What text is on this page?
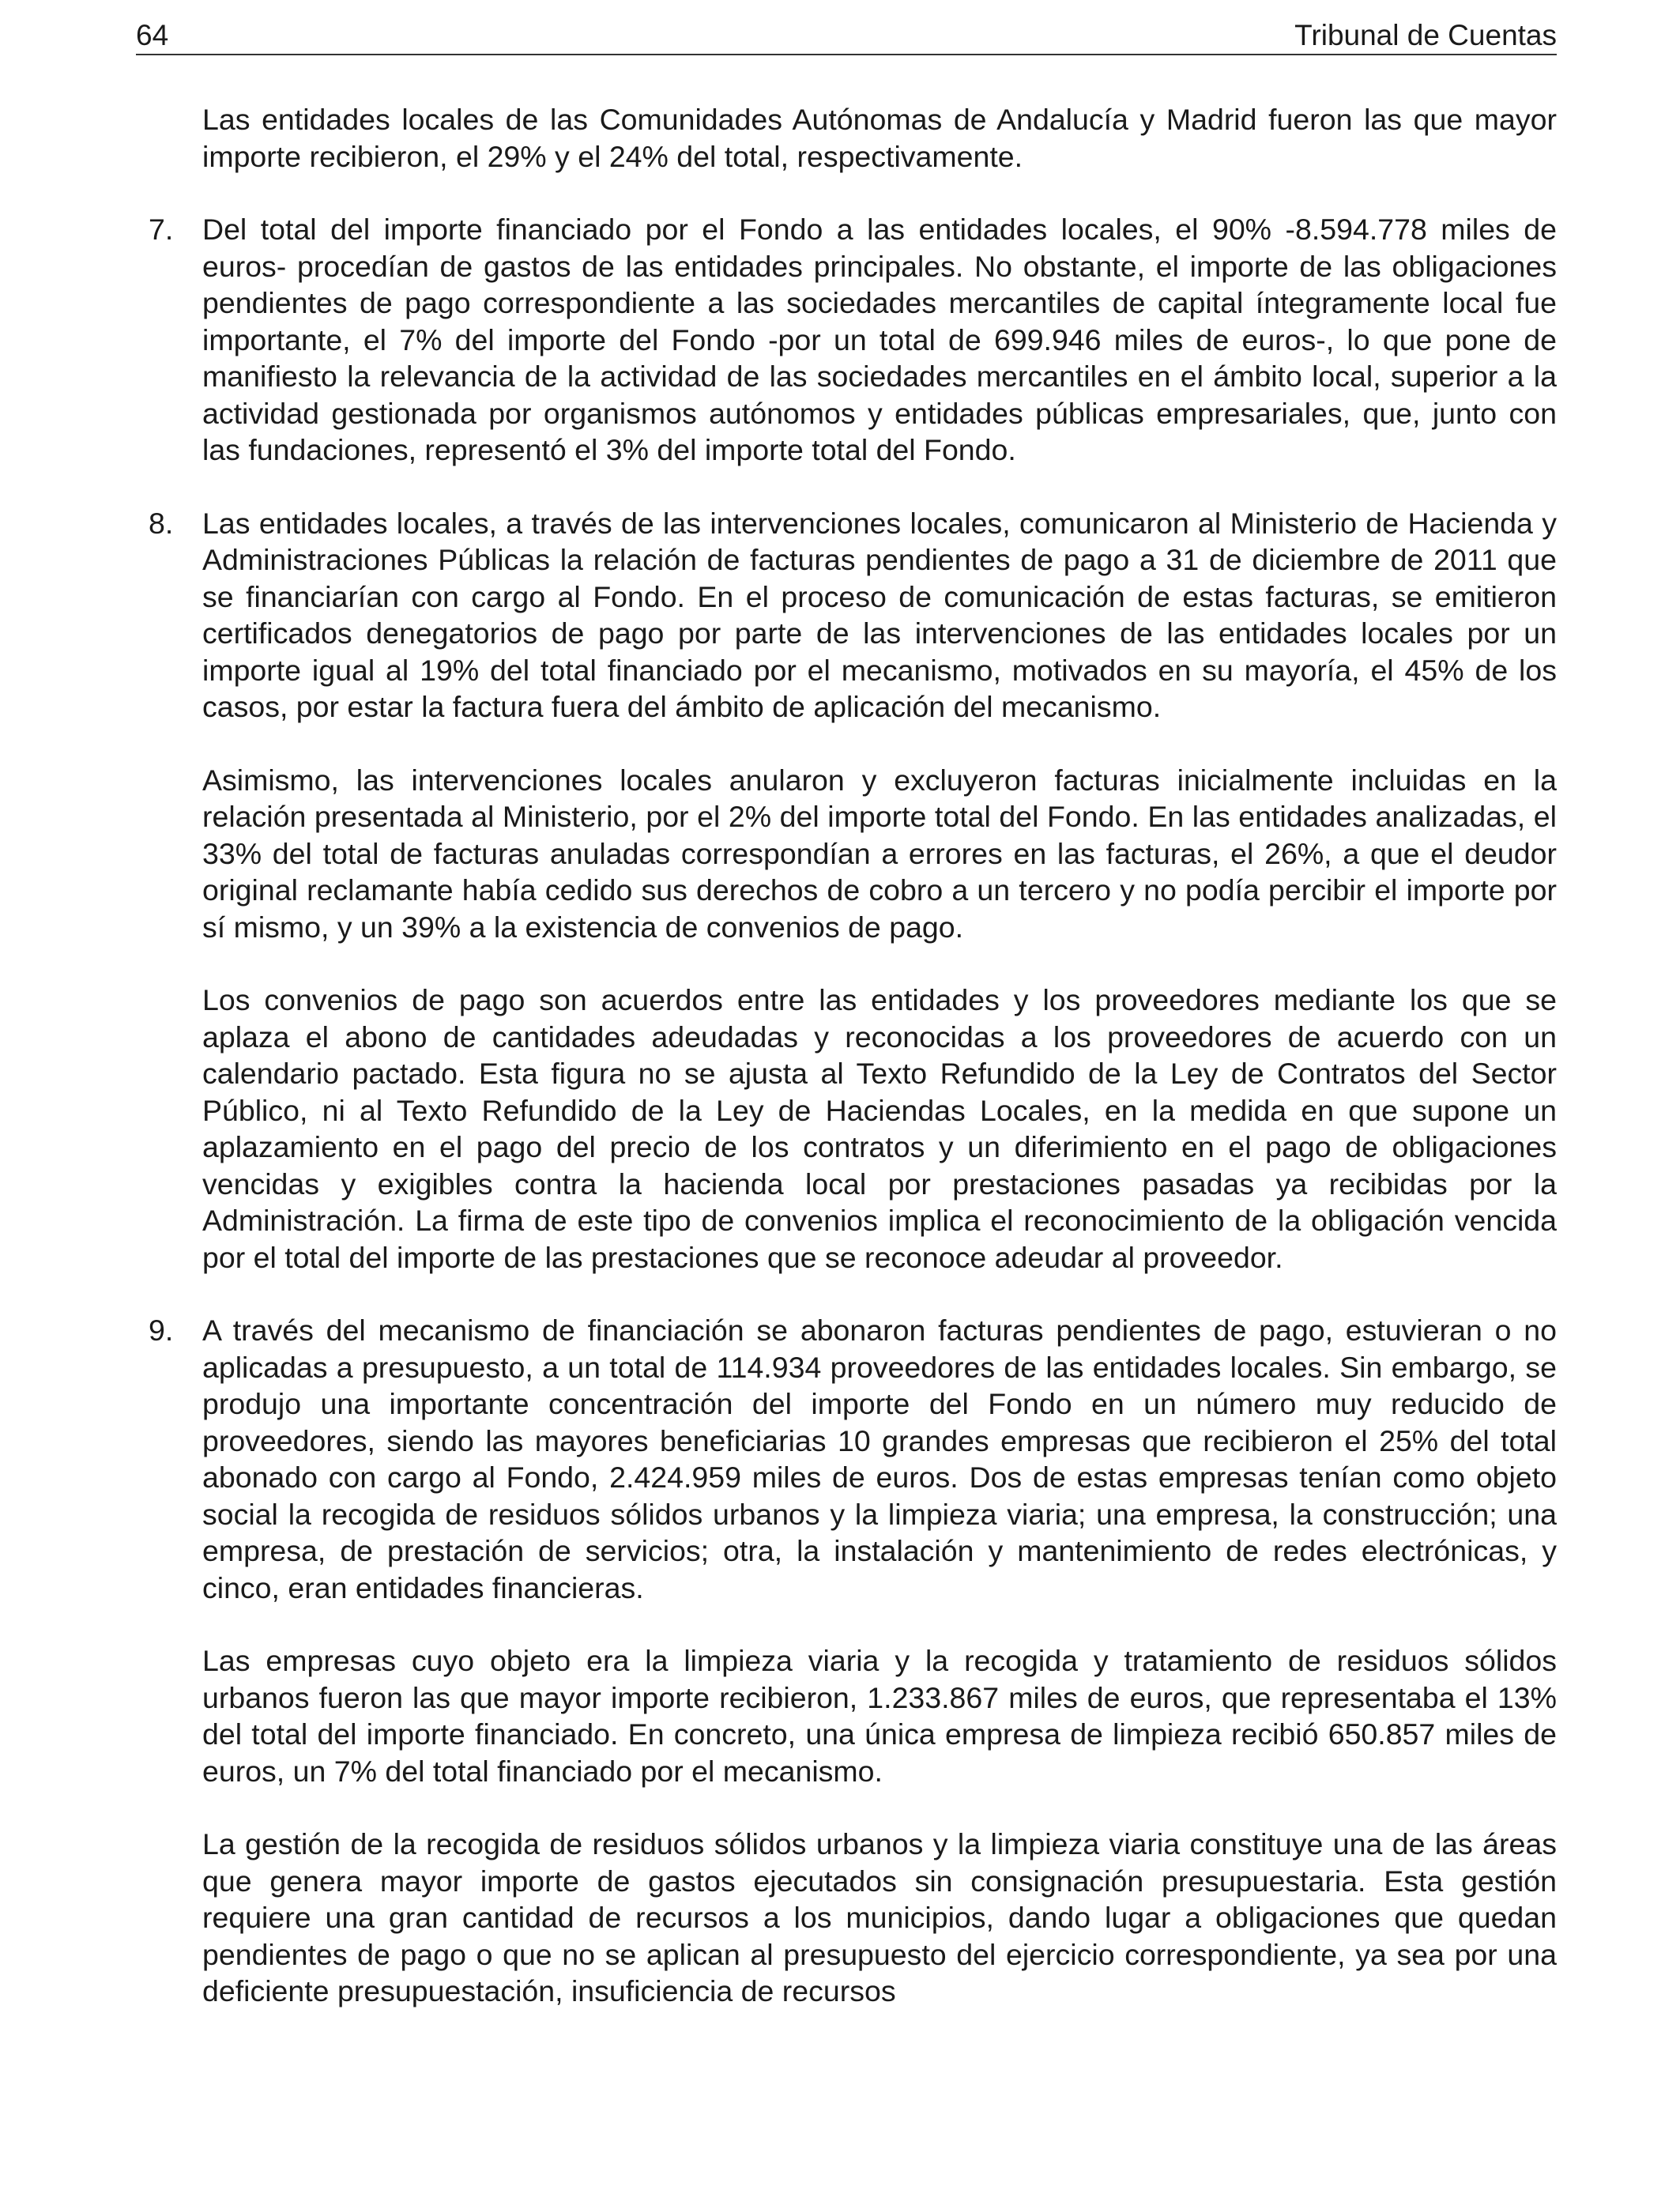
64	Tribunal de Cuentas
Las entidades locales de las Comunidades Autónomas de Andalucía y Madrid fueron las que mayor importe recibieron, el 29% y el 24% del total, respectivamente.
7. Del total del importe financiado por el Fondo a las entidades locales, el 90% -8.594.778 miles de euros- procedían de gastos de las entidades principales. No obstante, el importe de las obligaciones pendientes de pago correspondiente a las sociedades mercantiles de capital íntegramente local fue importante, el 7% del importe del Fondo -por un total de 699.946 miles de euros-, lo que pone de manifiesto la relevancia de la actividad de las sociedades mercantiles en el ámbito local, superior a la actividad gestionada por organismos autónomos y entidades públicas empresariales, que, junto con las fundaciones, representó el 3% del importe total del Fondo.
8. Las entidades locales, a través de las intervenciones locales, comunicaron al Ministerio de Hacienda y Administraciones Públicas la relación de facturas pendientes de pago a 31 de diciembre de 2011 que se financiarían con cargo al Fondo. En el proceso de comunicación de estas facturas, se emitieron certificados denegatorios de pago por parte de las intervenciones de las entidades locales por un importe igual al 19% del total financiado por el mecanismo, motivados en su mayoría, el 45% de los casos, por estar la factura fuera del ámbito de aplicación del mecanismo.
Asimismo, las intervenciones locales anularon y excluyeron facturas inicialmente incluidas en la relación presentada al Ministerio, por el 2% del importe total del Fondo. En las entidades analizadas, el 33% del total de facturas anuladas correspondían a errores en las facturas, el 26%, a que el deudor original reclamante había cedido sus derechos de cobro a un tercero y no podía percibir el importe por sí mismo, y un 39% a la existencia de convenios de pago.
Los convenios de pago son acuerdos entre las entidades y los proveedores mediante los que se aplaza el abono de cantidades adeudadas y reconocidas a los proveedores de acuerdo con un calendario pactado. Esta figura no se ajusta al Texto Refundido de la Ley de Contratos del Sector Público, ni al Texto Refundido de la Ley de Haciendas Locales, en la medida en que supone un aplazamiento en el pago del precio de los contratos y un diferimiento en el pago de obligaciones vencidas y exigibles contra la hacienda local por prestaciones pasadas ya recibidas por la Administración. La firma de este tipo de convenios implica el reconocimiento de la obligación vencida por el total del importe de las prestaciones que se reconoce adeudar al proveedor.
9. A través del mecanismo de financiación se abonaron facturas pendientes de pago, estuvieran o no aplicadas a presupuesto, a un total de 114.934 proveedores de las entidades locales. Sin embargo, se produjo una importante concentración del importe del Fondo en un número muy reducido de proveedores, siendo las mayores beneficiarias 10 grandes empresas que recibieron el 25% del total abonado con cargo al Fondo, 2.424.959 miles de euros. Dos de estas empresas tenían como objeto social la recogida de residuos sólidos urbanos y la limpieza viaria; una empresa, la construcción; una empresa, de prestación de servicios; otra, la instalación y mantenimiento de redes electrónicas, y cinco, eran entidades financieras.
Las empresas cuyo objeto era la limpieza viaria y la recogida y tratamiento de residuos sólidos urbanos fueron las que mayor importe recibieron, 1.233.867 miles de euros, que representaba el 13% del total del importe financiado. En concreto, una única empresa de limpieza recibió 650.857 miles de euros, un 7% del total financiado por el mecanismo.
La gestión de la recogida de residuos sólidos urbanos y la limpieza viaria constituye una de las áreas que genera mayor importe de gastos ejecutados sin consignación presupuestaria. Esta gestión requiere una gran cantidad de recursos a los municipios, dando lugar a obligaciones que quedan pendientes de pago o que no se aplican al presupuesto del ejercicio correspondiente, ya sea por una deficiente presupuestación, insuficiencia de recursos
